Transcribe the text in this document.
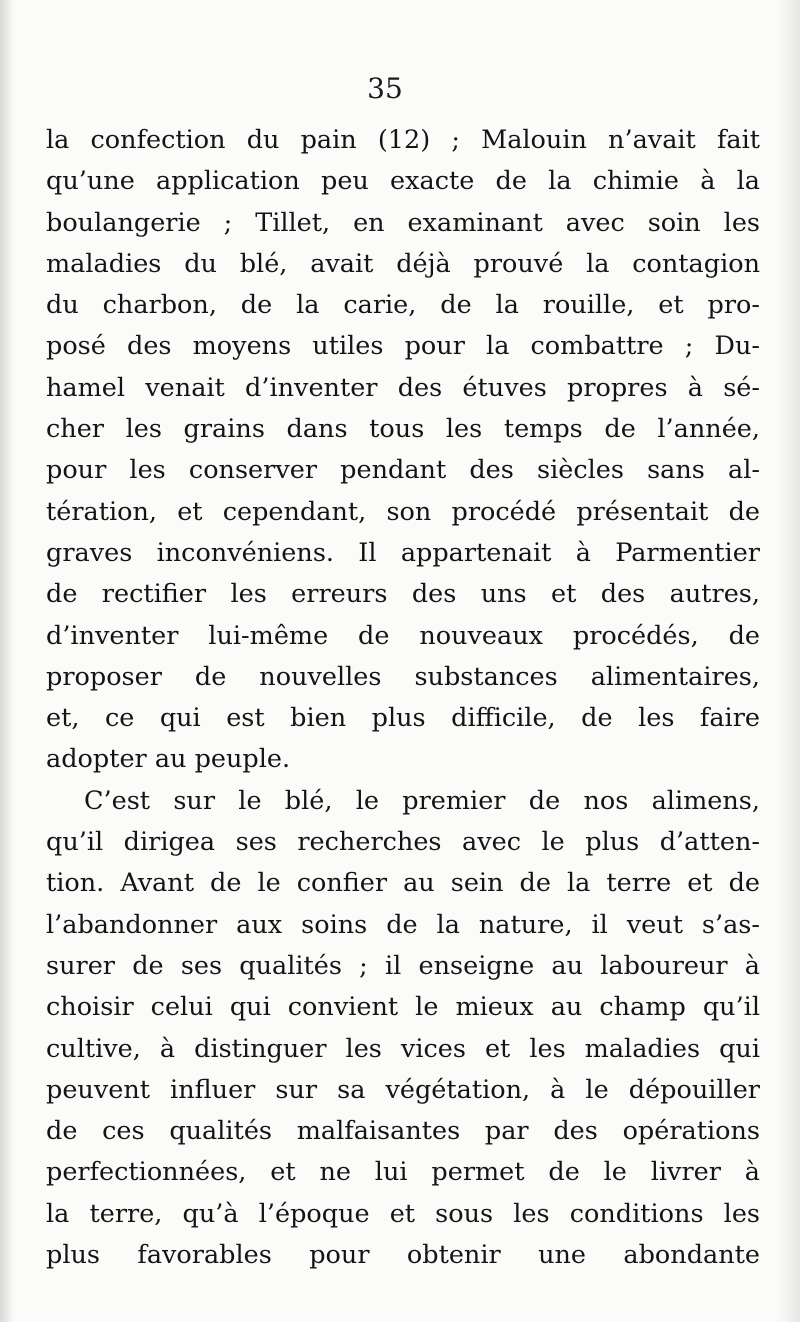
35

la confection du pain (12) ; Malouin n’avait fait
qu’une application peu exacte de la chimie à la
boulangerie ; Tillet, en examinant avec soin les
maladies du blé, avait déjà prouvé la contagion
du charbon, de la carie, de la rouille, et pro-
posé des moyens utiles pour la combattre ; Du-
hamel venait d’inventer des étuves propres à sé-
cher les grains dans tous les temps de l’année,
pour les conserver pendant des siècles sans al-
tération, et cependant, son procédé présentait de
graves inconvéniens. Il appartenait à Parmentier
de rectifier les erreurs des uns et des autres,
d’inventer lui-même de nouveaux procédés, de
proposer de nouvelles substances alimentaires,
et, ce qui est bien plus difficile, de les faire
adopter au peuple.
C’est sur le blé, le premier de nos alimens,
qu’il dirigea ses recherches avec le plus d’atten-
tion. Avant de le confier au sein de la terre et de
l’abandonner aux soins de la nature, il veut s’as-
surer de ses qualités ; il enseigne au laboureur à
choisir celui qui convient le mieux au champ qu’il
cultive, à distinguer les vices et les maladies qui
peuvent influer sur sa végétation, à le dépouiller
de ces qualités malfaisantes par des opérations
perfectionnées, et ne lui permet de le livrer à
la terre, qu’à l’époque et sous les conditions les
plus favorables pour obtenir une abondante
